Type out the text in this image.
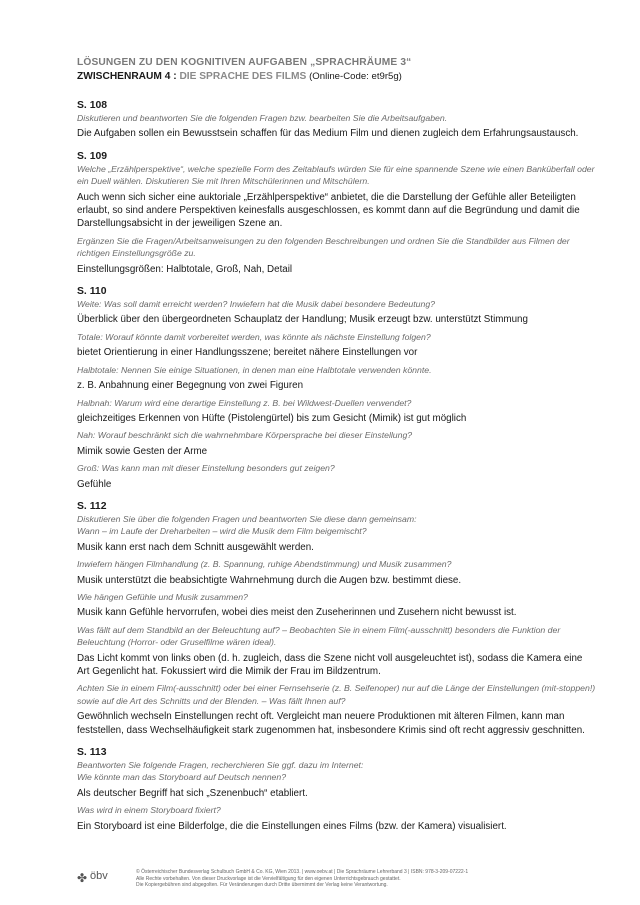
LÖSUNGEN ZU DEN KOGNITIVEN AUFGABEN „SPRACHRÄUME 3“
ZWISCHENRAUM 4 : DIE SPRACHE DES FILMS (Online-Code: et9r5g)
S. 108
Diskutieren und beantworten Sie die folgenden Fragen bzw. bearbeiten Sie die Arbeitsaufgaben.
Die Aufgaben sollen ein Bewusstsein schaffen für das Medium Film und dienen zugleich dem Erfahrungsaustausch.
S. 109
Welche „Erzählperspektive“, welche spezielle Form des Zeitablaufs würden Sie für eine spannende Szene wie einen Banküberfall oder ein Duell wählen. Diskutieren Sie mit Ihren Mitschülerinnen und Mitschülern.
Auch wenn sich sicher eine auktoriale „Erzählperspektive“ anbietet, die die Darstellung der Gefühle aller Beteiligten erlaubt, so sind andere Perspektiven keinesfalls ausgeschlossen, es kommt dann auf die Begründung und damit die Darstellungsabsicht in der jeweiligen Szene an.
Ergänzen Sie die Fragen/Arbeitsanweisungen zu den folgenden Beschreibungen und ordnen Sie die Standbilder aus Filmen der richtigen Einstellungsgröße zu.
Einstellungsgrößen: Halbtotale, Groß, Nah, Detail
S. 110
Weite: Was soll damit erreicht werden? Inwiefern hat die Musik dabei besondere Bedeutung?
Überblick über den übergeordneten Schauplatz der Handlung; Musik erzeugt bzw. unterstützt Stimmung
Totale: Worauf könnte damit vorbereitet werden, was könnte als nächste Einstellung folgen?
bietet Orientierung in einer Handlungsszene; bereitet nähere Einstellungen vor
Halbtotale: Nennen Sie einige Situationen, in denen man eine Halbtotale verwenden könnte.
z. B. Anbahnung einer Begegnung von zwei Figuren
Halbnah: Warum wird eine derartige Einstellung z. B. bei Wildwest-Duellen verwendet?
gleichzeitiges Erkennen von Hüfte (Pistolengürtel) bis zum Gesicht (Mimik) ist gut möglich
Nah: Worauf beschränkt sich die wahrnehmbare Körpersprache bei dieser Einstellung?
Mimik sowie Gesten der Arme
Groß: Was kann man mit dieser Einstellung besonders gut zeigen?
Gefühle
S. 112
Diskutieren Sie über die folgenden Fragen und beantworten Sie diese dann gemeinsam:
Wann – im Laufe der Dreharbeiten – wird die Musik dem Film beigemischt?
Musik kann erst nach dem Schnitt ausgewählt werden.
Inwiefern hängen Filmhandlung (z. B. Spannung, ruhige Abendstimmung) und Musik zusammen?
Musik unterstützt die beabsichtigte Wahrnehmung durch die Augen bzw. bestimmt diese.
Wie hängen Gefühle und Musik zusammen?
Musik kann Gefühle hervorrufen, wobei dies meist den Zuseherinnen und Zusehern nicht bewusst ist.
Was fällt auf dem Standbild an der Beleuchtung auf? – Beobachten Sie in einem Film(-ausschnitt) besonders die Funktion der Beleuchtung (Horror- oder Gruselfilme wären ideal).
Das Licht kommt von links oben (d. h. zugleich, dass die Szene nicht voll ausgeleuchtet ist), sodass die Kamera eine Art Gegenlicht hat. Fokussiert wird die Mimik der Frau im Bildzentrum.
Achten Sie in einem Film(-ausschnitt) oder bei einer Fernsehserie (z. B. Seifenoper) nur auf die Länge der Einstellungen (mit-stoppen!) sowie auf die Art des Schnitts und der Blenden. – Was fällt Ihnen auf?
Gewöhnlich wechseln Einstellungen recht oft. Vergleicht man neuere Produktionen mit älteren Filmen, kann man feststellen, dass Wechselhäufigkeit stark zugenommen hat, insbesondere Krimis sind oft recht aggressiv geschnitten.
S. 113
Beantworten Sie folgende Fragen, recherchieren Sie ggf. dazu im Internet:
Wie könnte man das Storyboard auf Deutsch nennen?
Als deutscher Begriff hat sich „Szenenbuch“ etabliert.
Was wird in einem Storyboard fixiert?
Ein Storyboard ist eine Bilderfolge, die die Einstellungen eines Films (bzw. der Kamera) visualisiert.
✤ öbv	© Österreichischer Bundesverlag Schulbuch GmbH & Co. KG, Wien 2013. | www.oebv.at | Die Sprachräume Lehrerband 3 | ISBN: 978-3-209-07222-1
Alle Rechte vorbehalten. Von dieser Druckvorlage ist die Vervielfältigung für den eigenen Unterrichtsgebrauch gestattet.
Die Kopiergebühren sind abgegolten. Für Veränderungen durch Dritte übernimmt der Verlag keine Verantwortung.
